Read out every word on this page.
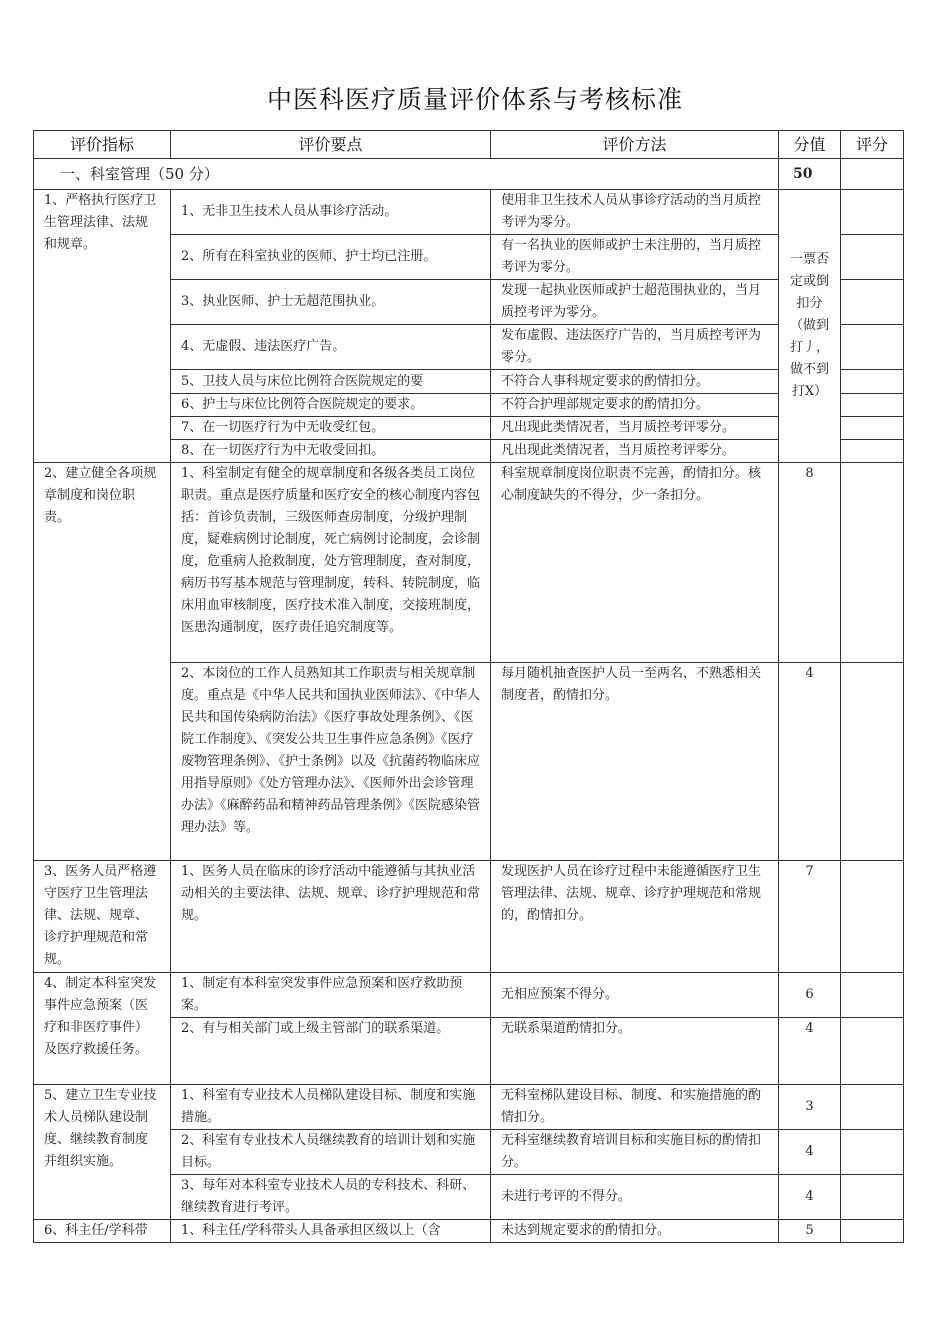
中医科医疗质量评价体系与考核标准
评价指标	评价要点	评价方法	分值	评分
一、科室管理（50 分）			50	
1、严格执行医疗卫生管理法律、法规和规章。	1、无非卫生技术人员从事诊疗活动。	使用非卫生技术人员从事诊疗活动的当月质控考评为零分。	一票否定或倒扣分（做到打丿，做不到打X）	
	2、所有在科室执业的医师、护士均已注册。	有一名执业的医师或护士未注册的，当月质控考评为零分。		
	3、执业医师、护士无超范围执业。	发现一起执业医师或护士超范围执业的，当月质控考评为零分。		
	4、无虚假、违法医疗广告。	发布虚假、违法医疗广告的，当月质控考评为零分。		
	5、卫技人员与床位比例符合医院规定的要	不符合人事科规定要求的酌情扣分。		
	6、护士与床位比例符合医院规定的要求。	不符合护理部规定要求的酌情扣分。		
	7、在一切医疗行为中无收受红包。	凡出现此类情况者，当月质控考评零分。		
	8、在一切医疗行为中无收受回扣。	凡出现此类情况者，当月质控考评零分。		
2、建立健全各项规章制度和岗位职责。	1、科室制定有健全的规章制度和各级各类员工岗位职责。重点是医疗质量和医疗安全的核心制度内容包括：首诊负责制，三级医师查房制度，分级护理制度，疑难病例讨论制度，死亡病例讨论制度，会诊制度，危重病人抢救制度，处方管理制度，查对制度，病历书写基本规范与管理制度，转科、转院制度，临床用血审核制度，医疗技术准入制度，交接班制度，医患沟通制度，医疗责任追究制度等。	科室规章制度岗位职责不完善，酌情扣分。核心制度缺失的不得分，少一条扣分。	8	
	2、本岗位的工作人员熟知其工作职责与相关规章制度。重点是《中华人民共和国执业医师法》、《中华人民共和国传染病防治法》《医疗事故处理条例》、《医院工作制度》、《突发公共卫生事件应急条例》《医疗废物管理条例》、《护士条例》以及《抗菌药物临床应用指导原则》《处方管理办法》、《医师外出会诊管理办法》《麻醉药品和精神药品管理条例》《医院感染管理办法》等。	每月随机抽查医护人员一至两名，不熟悉相关制度者，酌情扣分。	4	
3、医务人员严格遵守医疗卫生管理法律、法规、规章、诊疗护理规范和常规。	1、医务人员在临床的诊疗活动中能遵循与其执业活动相关的主要法律、法规、规章、诊疗护理规范和常规。	发现医护人员在诊疗过程中未能遵循医疗卫生管理法律、法规、规章、诊疗护理规范和常规的，酌情扣分。	7	
4、制定本科室突发事件应急预案（医疗和非医疗事件）及医疗救援任务。	1、制定有本科室突发事件应急预案和医疗救助预案。	无相应预案不得分。	6	
	2、有与相关部门或上级主管部门的联系渠道。	无联系渠道酌情扣分。	4	
5、建立卫生专业技术人员梯队建设制度、继续教育制度并组织实施。	1、科室有专业技术人员梯队建设目标、制度和实施措施。	无科室梯队建设目标、制度、和实施措施的酌情扣分。	3	
	2、科室有专业技术人员继续教育的培训计划和实施目标。	无科室继续教育培训目标和实施目标的酌情扣分。	4	
	3、每年对本科室专业技术人员的专科技术、科研、继续教育进行考评。	未进行考评的不得分。	4	
6、科主任/学科带	1、科主任/学科带头人具备承担区级以上（含	未达到规定要求的酌情扣分。	5	
